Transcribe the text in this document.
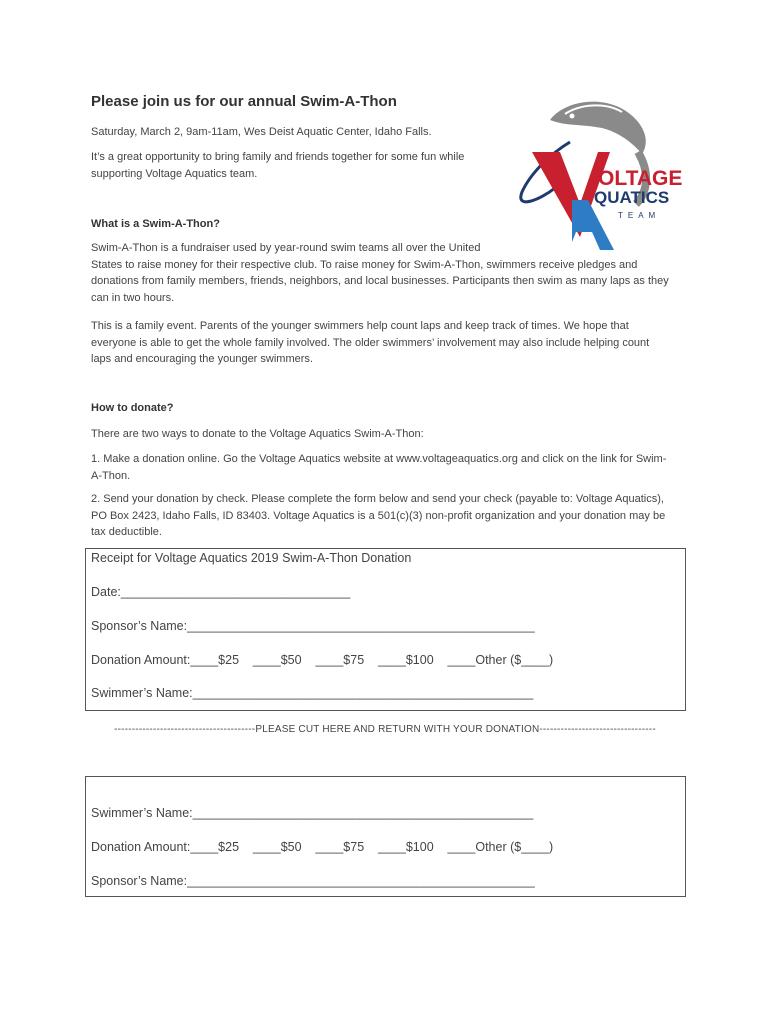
Please join us for our annual Swim-A-Thon

Saturday, March 2, 9am-11am, Wes Deist Aquatic Center, Idaho Falls.

It’s a great opportunity to bring family and friends together for some fun while supporting Voltage Aquatics team.	OLTAGE
QUATICS
TEAM

What is a Swim-A-Thon?

Swim-A-Thon is a fundraiser used by year-round swim teams all over the United

States to raise money for their respective club. To raise money for Swim-A-Thon, swimmers receive pledges and donations from family members, friends, neighbors, and local businesses. Participants then swim as many laps as they can in two hours.

This is a family event. Parents of the younger swimmers help count laps and keep track of times. We hope that everyone is able to get the whole family involved. The older swimmers’ involvement may also include helping count laps and encouraging the younger swimmers.

How to donate?

There are two ways to donate to the Voltage Aquatics Swim-A-Thon:

1. Make a donation online. Go the Voltage Aquatics website at www.voltageaquatics.org and click on the link for Swim-A-Thon.

2. Send your donation by check. Please complete the form below and send your check (payable to: Voltage Aquatics), PO Box 2423, Idaho Falls, ID 83403. Voltage Aquatics is a 501(c)(3) non-profit organization and your donation may be tax deductible.

Receipt for Voltage Aquatics 2019 Swim-A-Thon Donation

Date:_________________________________

Sponsor’s Name:__________________________________________________

Donation Amount:____$25    ____$50    ____$75    ____$100    ____Other ($____)

Swimmer’s Name:_________________________________________________

----------------------------------------PLEASE CUT HERE AND RETURN WITH YOUR DONATION---------------------------------

Swimmer’s Name:_________________________________________________

Donation Amount:____$25    ____$50    ____$75    ____$100    ____Other ($____)

Sponsor’s Name:__________________________________________________
